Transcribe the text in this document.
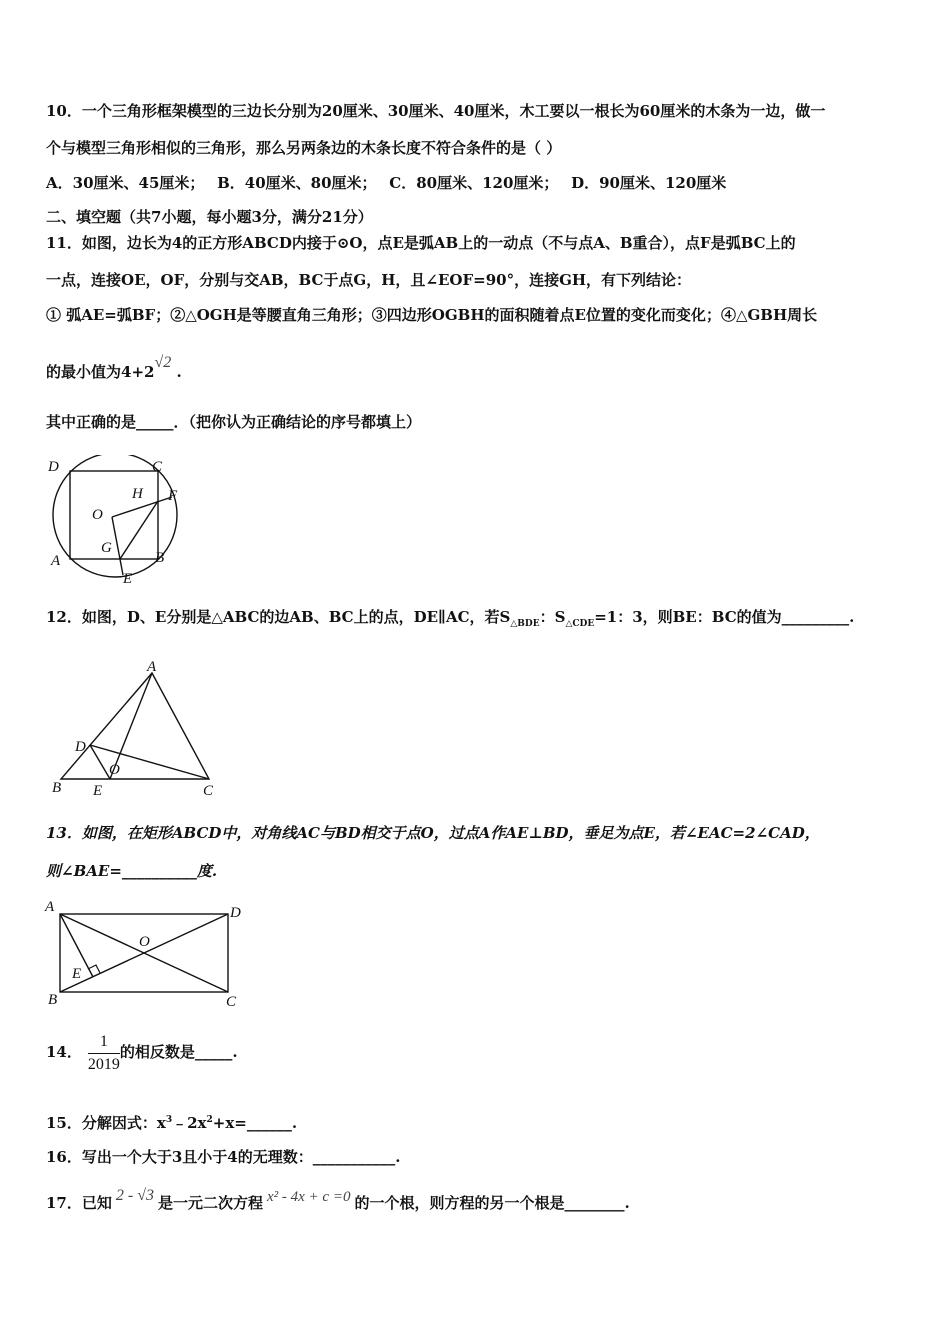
10．一个三角形框架模型的三边长分别为20厘米、30厘米、40厘米，木工要以一根长为60厘米的木条为一边，做一
个与模型三角形相似的三角形，那么另两条边的木条长度不符合条件的是（ ）
A．30厘米、45厘米；　 B．40厘米、80厘米；　 C．80厘米、120厘米；　 D．90厘米、120厘米
二、填空题（共7小题，每小题3分，满分21分）
11．如图，边长为4的正方形ABCD内接于⊙O，点E是弧AB上的一动点（不与点A、B重合），点F是弧BC上的
一点，连接OE，OF，分别与交AB，BC于点G，H，且∠EOF=90°，连接GH，有下列结论：
① 弧AE=弧BF；②△OGH是等腰直角三角形；③四边形OGBH的面积随着点E位置的变化而变化；④△GBH周长
的最小值为4+2√2 .
其中正确的是_____．（把你认为正确结论的序号都填上）
D	C
H F
O
G
A	B
E
12．如图，D、E分别是△ABC的边AB、BC上的点，DE∥AC，若$S_{\triangle BDE}$：$S_{\triangle CDE}=1$：3，则BE：BC的值为_________.
A
D
O
B E	C
13．如图，在矩形ABCD中，对角线AC与BD相交于点O，过点A作AE⊥BD，垂足为点E，若∠EAC=2∠CAD，
则∠BAE=__________度.
A	D
O
E
B	C
14． $\frac{1}{2019}$ 的相反数是_____.
15．分解因式：$x^3﹣2x^2+x=\_\_\_\_\_\_$.
16．写出一个大于3且小于4的无理数：___________.
17．已知 2 - √3 是一元二次方程 x² - 4x + c =0 的一个根，则方程的另一个根是________.
